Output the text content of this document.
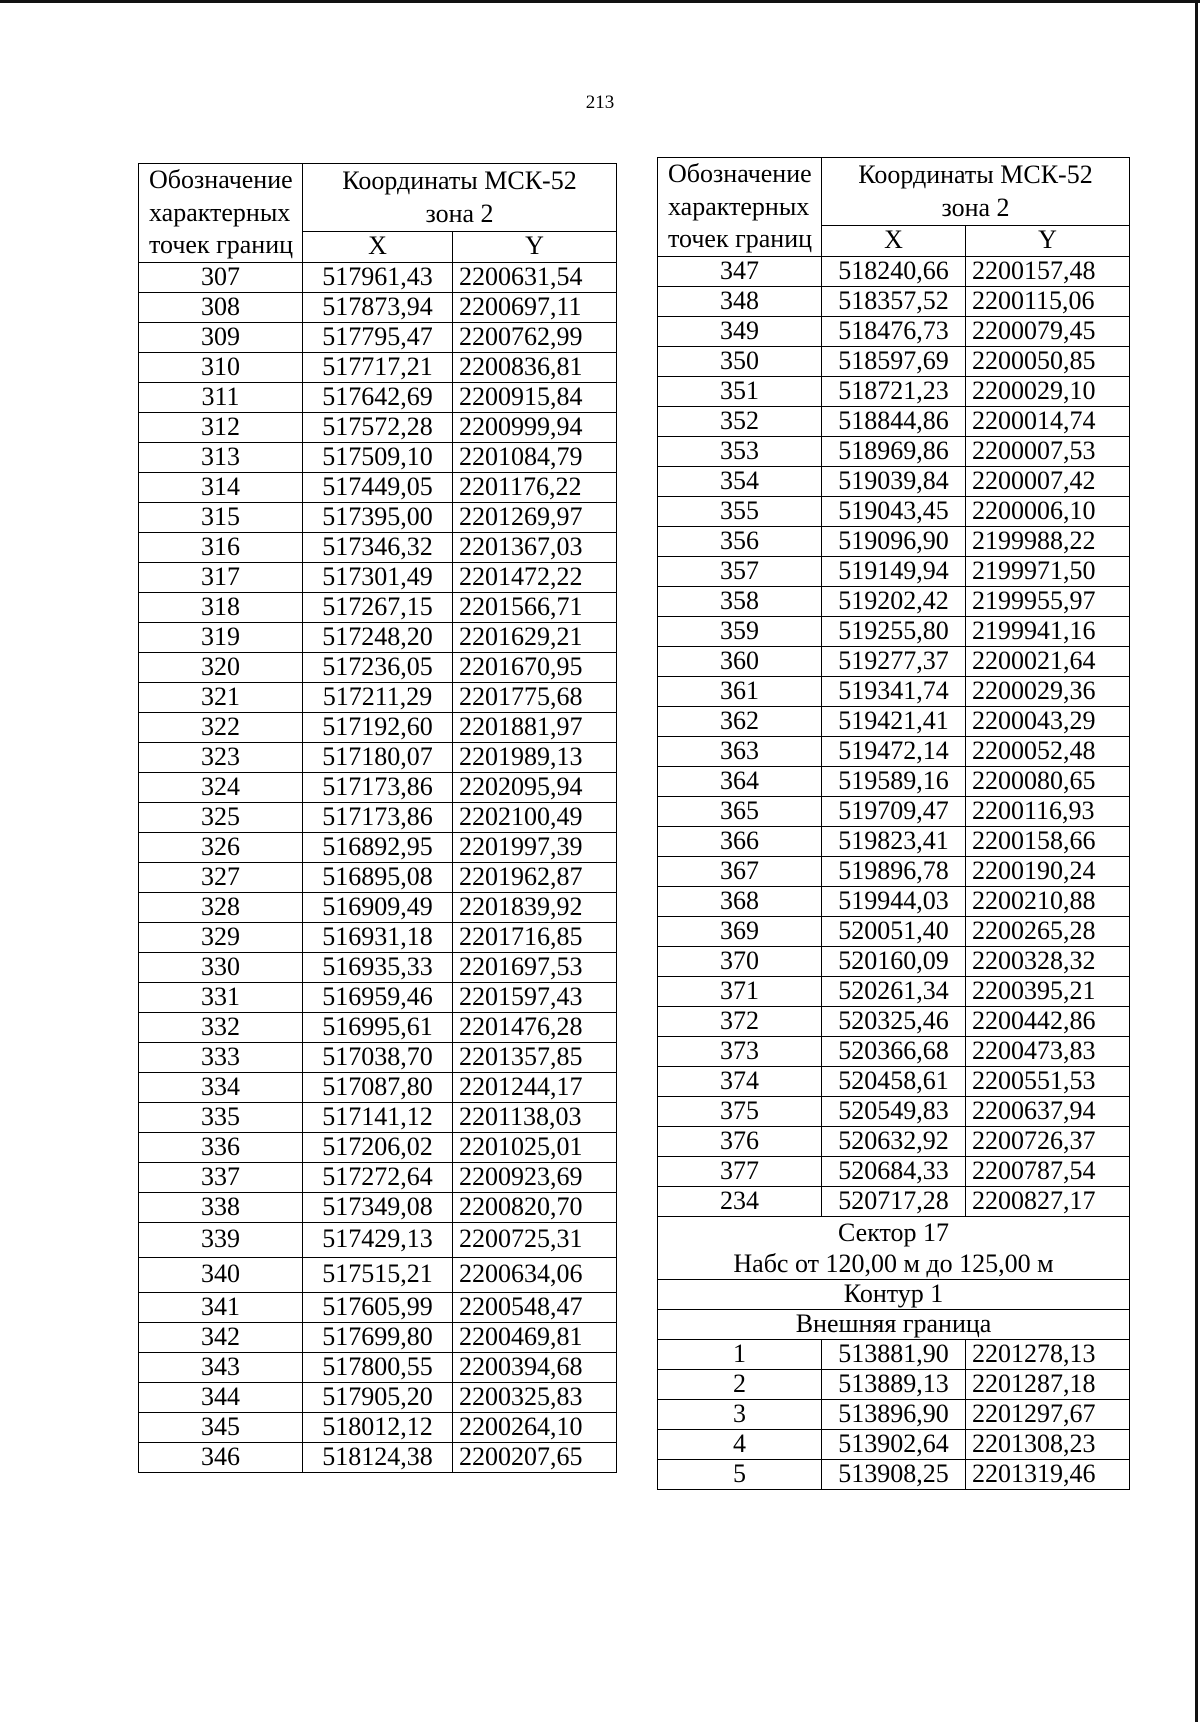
213
Обозначение характерных точек границ	Координаты МСК-52
зона 2	

	X	Y
307	517961,43	2200631,54
308	517873,94	2200697,11
309	517795,47	2200762,99
310	517717,21	2200836,81
311	517642,69	2200915,84
312	517572,28	2200999,94
313	517509,10	2201084,79
314	517449,05	2201176,22
315	517395,00	2201269,97
316	517346,32	2201367,03
317	517301,49	2201472,22
318	517267,15	2201566,71
319	517248,20	2201629,21
320	517236,05	2201670,95
321	517211,29	2201775,68
322	517192,60	2201881,97
323	517180,07	2201989,13
324	517173,86	2202095,94
325	517173,86	2202100,49
326	516892,95	2201997,39
327	516895,08	2201962,87
328	516909,49	2201839,92
329	516931,18	2201716,85
330	516935,33	2201697,53
331	516959,46	2201597,43
332	516995,61	2201476,28
333	517038,70	2201357,85
334	517087,80	2201244,17
335	517141,12	2201138,03
336	517206,02	2201025,01
337	517272,64	2200923,69
338	517349,08	2200820,70
339	517429,13	2200725,31
340	517515,21	2200634,06
341	517605,99	2200548,47
342	517699,80	2200469,81
343	517800,55	2200394,68
344	517905,20	2200325,83
345	518012,12	2200264,10
346	518124,38	2200207,65
Обозначение характерных точек границ	Координаты МСК-52
зона 2	

	X	Y
347	518240,66	2200157,48
348	518357,52	2200115,06
349	518476,73	2200079,45
350	518597,69	2200050,85
351	518721,23	2200029,10
352	518844,86	2200014,74
353	518969,86	2200007,53
354	519039,84	2200007,42
355	519043,45	2200006,10
356	519096,90	2199988,22
357	519149,94	2199971,50
358	519202,42	2199955,97
359	519255,80	2199941,16
360	519277,37	2200021,64
361	519341,74	2200029,36
362	519421,41	2200043,29
363	519472,14	2200052,48
364	519589,16	2200080,65
365	519709,47	2200116,93
366	519823,41	2200158,66
367	519896,78	2200190,24
368	519944,03	2200210,88
369	520051,40	2200265,28
370	520160,09	2200328,32
371	520261,34	2200395,21
372	520325,46	2200442,86
373	520366,68	2200473,83
374	520458,61	2200551,53
375	520549,83	2200637,94
376	520632,92	2200726,37
377	520684,33	2200787,54
234	520717,28	2200827,17

Сектор 17
Набс от 120,00 м до 125,00 м		

Контур 1		
Внешняя граница		
1	513881,90	2201278,13
2	513889,13	2201287,18
3	513896,90	2201297,67
4	513902,64	2201308,23
5	513908,25	2201319,46
